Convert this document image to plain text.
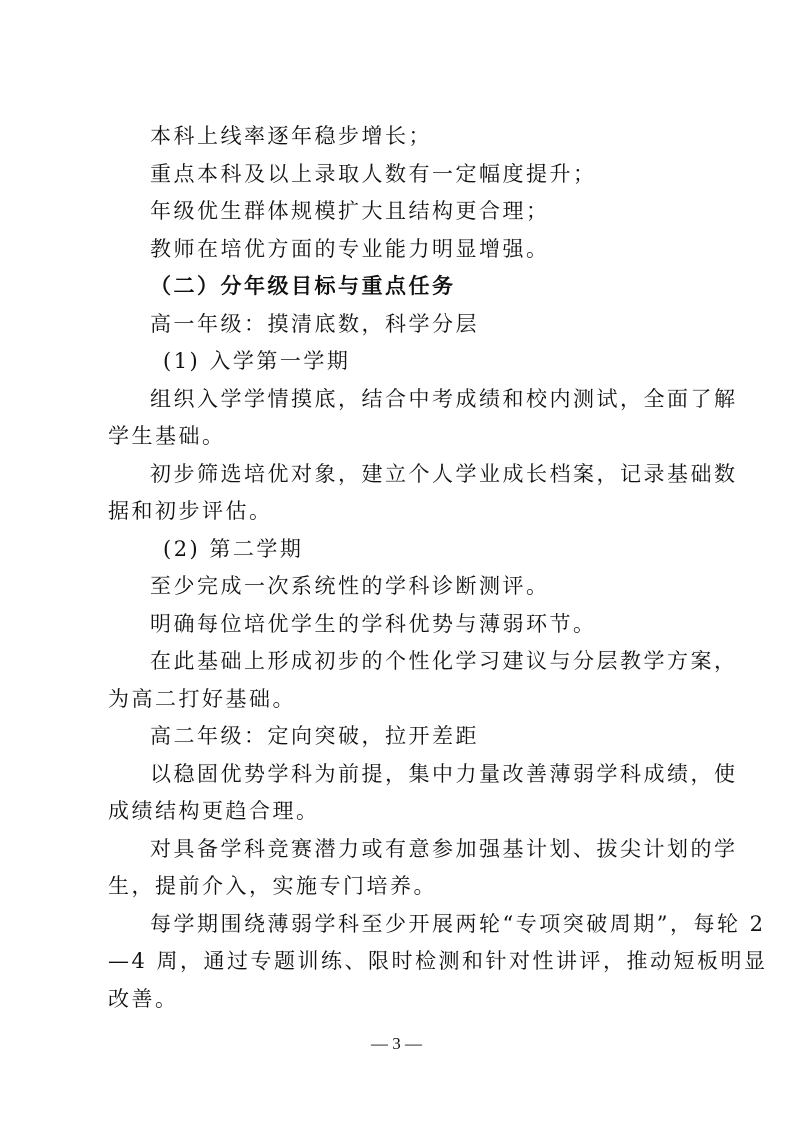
本科上线率逐年稳步增长；
重点本科及以上录取人数有一定幅度提升；
年级优生群体规模扩大且结构更合理；
教师在培优方面的专业能力明显增强。
（二）分年级目标与重点任务
高一年级：摸清底数，科学分层
(1) 入学第一学期
组织入学学情摸底，结合中考成绩和校内测试，全面了解
学生基础。
初步筛选培优对象，建立个人学业成长档案，记录基础数
据和初步评估。
(2) 第二学期
至少完成一次系统性的学科诊断测评。
明确每位培优学生的学科优势与薄弱环节。
在此基础上形成初步的个性化学习建议与分层教学方案，
为高二打好基础。
高二年级：定向突破，拉开差距
以稳固优势学科为前提，集中力量改善薄弱学科成绩，使
成绩结构更趋合理。
对具备学科竞赛潜力或有意参加强基计划、拔尖计划的学
生，提前介入，实施专门培养。
每学期围绕薄弱学科至少开展两轮“专项突破周期”，每轮 2
—4 周，通过专题训练、限时检测和针对性讲评，推动短板明显
改善。
— 3 —
